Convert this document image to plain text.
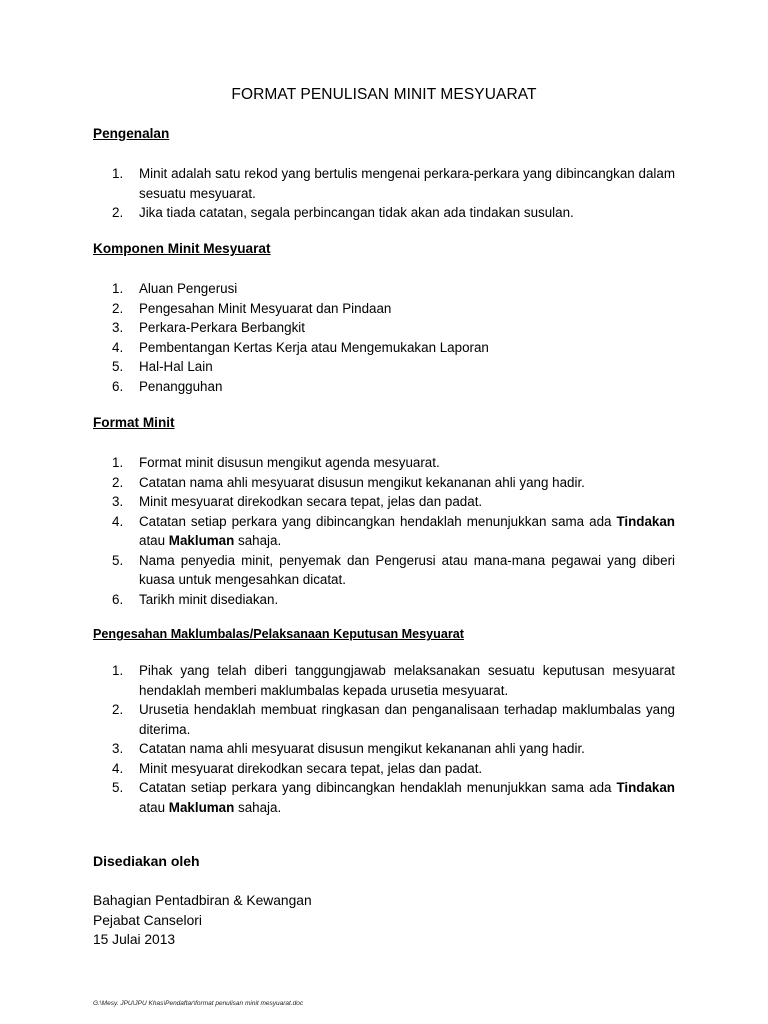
FORMAT PENULISAN MINIT MESYUARAT
Pengenalan
1. Minit adalah satu rekod yang bertulis mengenai perkara-perkara yang dibincangkan dalam sesuatu mesyuarat.
2. Jika tiada catatan, segala perbincangan tidak akan ada tindakan susulan.
Komponen Minit Mesyuarat
1. Aluan Pengerusi
2. Pengesahan Minit Mesyuarat dan Pindaan
3. Perkara-Perkara Berbangkit
4. Pembentangan Kertas Kerja atau Mengemukakan Laporan
5. Hal-Hal Lain
6. Penangguhan
Format Minit
1. Format minit disusun mengikut agenda mesyuarat.
2. Catatan nama ahli mesyuarat disusun mengikut kekananan ahli yang hadir.
3. Minit mesyuarat direkodkan secara tepat, jelas dan padat.
4. Catatan setiap perkara yang dibincangkan hendaklah menunjukkan sama ada Tindakan atau Makluman sahaja.
5. Nama penyedia minit, penyemak dan Pengerusi atau mana-mana pegawai yang diberi kuasa untuk mengesahkan dicatat.
6. Tarikh minit disediakan.
Pengesahan Maklumbalas/Pelaksanaan Keputusan Mesyuarat
1. Pihak yang telah diberi tanggungjawab melaksanakan sesuatu keputusan mesyuarat hendaklah memberi maklumbalas kepada urusetia mesyuarat.
2. Urusetia hendaklah membuat ringkasan dan penganalisaan terhadap maklumbalas yang diterima.
3. Catatan nama ahli mesyuarat disusun mengikut kekananan ahli yang hadir.
4. Minit mesyuarat direkodkan secara tepat, jelas dan padat.
5. Catatan setiap perkara yang dibincangkan hendaklah menunjukkan sama ada Tindakan atau Makluman sahaja.
Disediakan oleh
Bahagian Pentadbiran & Kewangan
Pejabat Canselori
15 Julai 2013
G:\Mesy. JPU\JPU Khas\Pendaftar\format penulisan minit mesyuarat.doc
